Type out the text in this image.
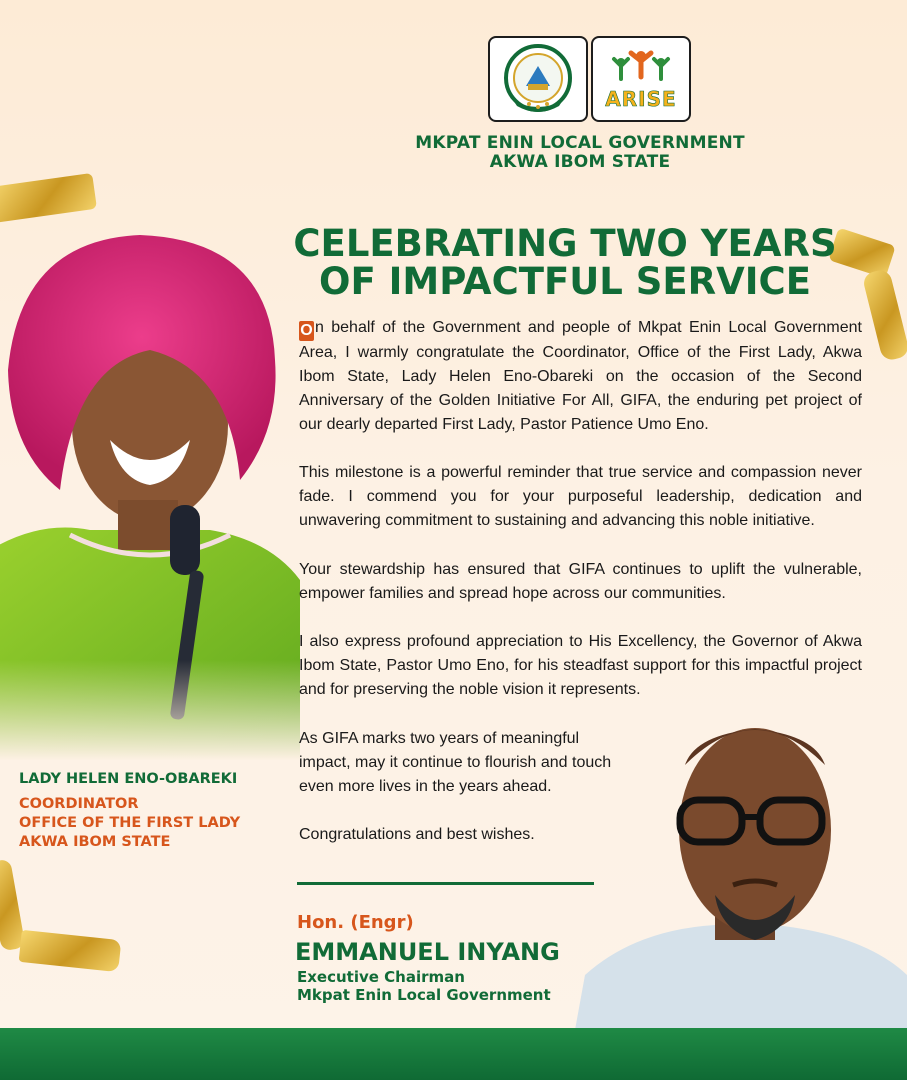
ARISE
MKPAT ENIN LOCAL GOVERNMENT
AKWA IBOM STATE
CELEBRATING TWO YEARS
OF IMPACTFUL SERVICE
LADY HELEN ENO-OBAREKI
COORDINATOR
OFFICE OF THE FIRST LADY
AKWA IBOM STATE

O n behalf of the Government and people of Mkpat Enin Local Government Area, I warmly congratulate the Coordinator, Office of the First Lady, Akwa Ibom State, Lady Helen Eno-Obareki on the occasion of the Second Anniversary of the Golden Initiative For All, GIFA, the enduring pet project of our dearly departed First Lady, Pastor Patience Umo Eno.

This milestone is a powerful reminder that true service and compassion never fade. I commend you for your purposeful leadership, dedication and unwavering commitment to sustaining and advancing this noble initiative.

Your stewardship has ensured that GIFA continues to uplift the vulnerable, empower families and spread hope across our communities.

I also express profound appreciation to His Excellency, the Governor of Akwa Ibom State, Pastor Umo Eno, for his steadfast support for this impactful project and for preserving the noble vision it represents.

As GIFA marks two years of meaningful impact, may it continue to flourish and touch even more lives in the years ahead.

Congratulations and best wishes.

Hon. (Engr)
EMMANUEL INYANG
Executive Chairman
Mkpat Enin Local Government
